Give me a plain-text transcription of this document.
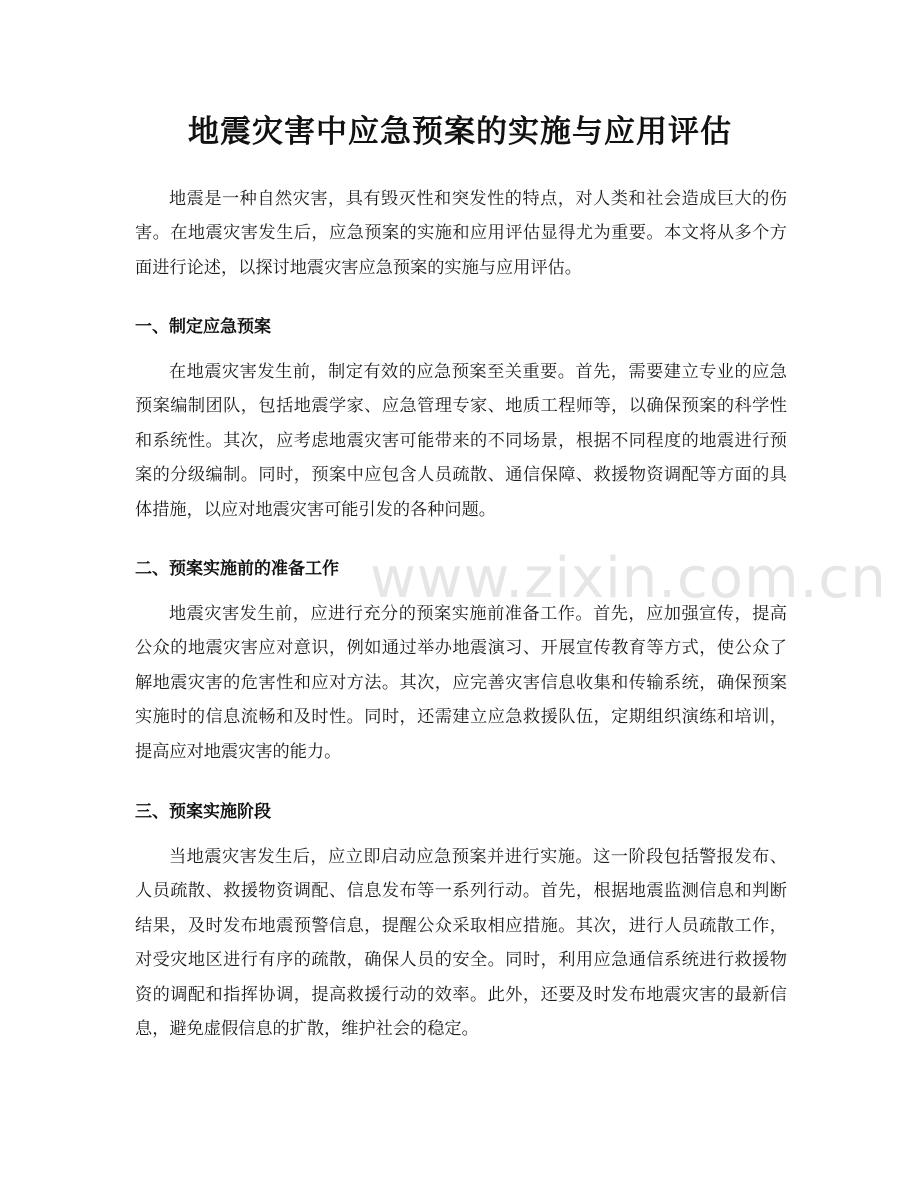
地震灾害中应急预案的实施与应用评估

地震是一种自然灾害，具有毁灭性和突发性的特点，对人类和社会造成巨大的伤害。在地震灾害发生后，应急预案的实施和应用评估显得尤为重要。本文将从多个方面进行论述，以探讨地震灾害应急预案的实施与应用评估。

一、制定应急预案

在地震灾害发生前，制定有效的应急预案至关重要。首先，需要建立专业的应急预案编制团队，包括地震学家、应急管理专家、地质工程师等，以确保预案的科学性和系统性。其次，应考虑地震灾害可能带来的不同场景，根据不同程度的地震进行预案的分级编制。同时，预案中应包含人员疏散、通信保障、救援物资调配等方面的具体措施，以应对地震灾害可能引发的各种问题。

二、预案实施前的准备工作

地震灾害发生前，应进行充分的预案实施前准备工作。首先，应加强宣传，提高公众的地震灾害应对意识，例如通过举办地震演习、开展宣传教育等方式，使公众了解地震灾害的危害性和应对方法。其次，应完善灾害信息收集和传输系统，确保预案实施时的信息流畅和及时性。同时，还需建立应急救援队伍，定期组织演练和培训，提高应对地震灾害的能力。

三、预案实施阶段

当地震灾害发生后，应立即启动应急预案并进行实施。这一阶段包括警报发布、人员疏散、救援物资调配、信息发布等一系列行动。首先，根据地震监测信息和判断结果，及时发布地震预警信息，提醒公众采取相应措施。其次，进行人员疏散工作，对受灾地区进行有序的疏散，确保人员的安全。同时，利用应急通信系统进行救援物资的调配和指挥协调，提高救援行动的效率。此外，还要及时发布地震灾害的最新信息，避免虚假信息的扩散，维护社会的稳定。

www.zixin.com.cn
